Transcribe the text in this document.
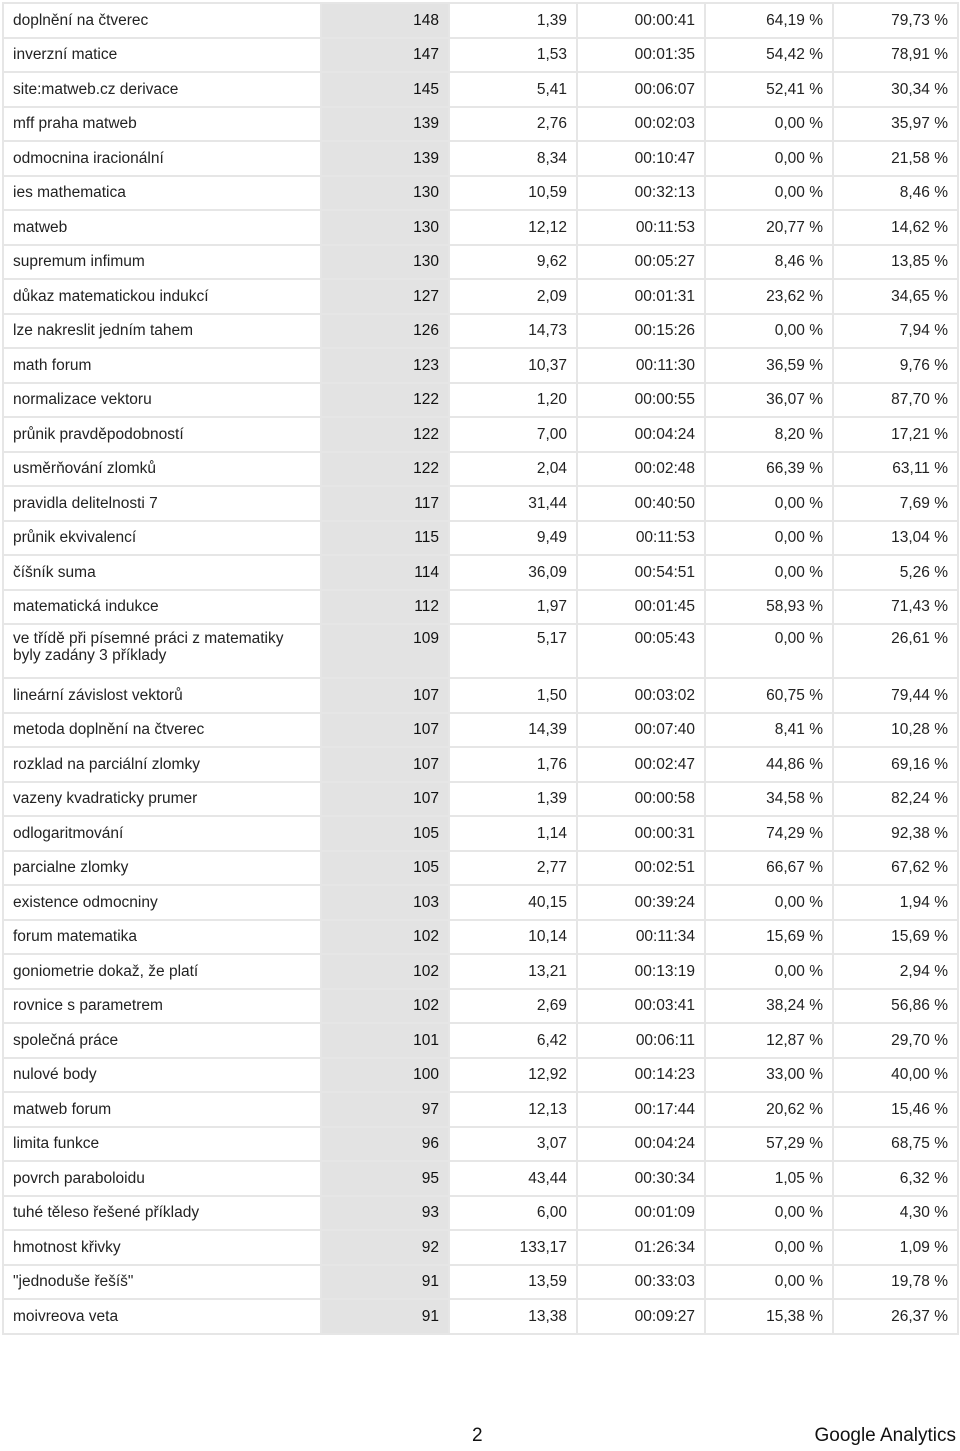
doplnění na čtverec	148	1,39	00:00:41	64,19 %	79,73 %
inverzní matice	147	1,53	00:01:35	54,42 %	78,91 %
site:matweb.cz derivace	145	5,41	00:06:07	52,41 %	30,34 %
mff praha matweb	139	2,76	00:02:03	0,00 %	35,97 %
odmocnina iracionální	139	8,34	00:10:47	0,00 %	21,58 %
ies mathematica	130	10,59	00:32:13	0,00 %	8,46 %
matweb	130	12,12	00:11:53	20,77 %	14,62 %
supremum infimum	130	9,62	00:05:27	8,46 %	13,85 %
důkaz matematickou indukcí	127	2,09	00:01:31	23,62 %	34,65 %
lze nakreslit jedním tahem	126	14,73	00:15:26	0,00 %	7,94 %
math forum	123	10,37	00:11:30	36,59 %	9,76 %
normalizace vektoru	122	1,20	00:00:55	36,07 %	87,70 %
průnik pravděpodobností	122	7,00	00:04:24	8,20 %	17,21 %
usměrňování zlomků	122	2,04	00:02:48	66,39 %	63,11 %
pravidla delitelnosti 7	117	31,44	00:40:50	0,00 %	7,69 %
průnik ekvivalencí	115	9,49	00:11:53	0,00 %	13,04 %
číšník suma	114	36,09	00:54:51	0,00 %	5,26 %
matematická indukce	112	1,97	00:01:45	58,93 %	71,43 %
ve třídě při písemné práci z matematiky byly zadány 3 příklady	109	5,17	00:05:43	0,00 %	26,61 %
lineární závislost vektorů	107	1,50	00:03:02	60,75 %	79,44 %
metoda doplnění na čtverec	107	14,39	00:07:40	8,41 %	10,28 %
rozklad na parciální zlomky	107	1,76	00:02:47	44,86 %	69,16 %
vazeny kvadraticky prumer	107	1,39	00:00:58	34,58 %	82,24 %
odlogaritmování	105	1,14	00:00:31	74,29 %	92,38 %
parcialne zlomky	105	2,77	00:02:51	66,67 %	67,62 %
existence odmocniny	103	40,15	00:39:24	0,00 %	1,94 %
forum matematika	102	10,14	00:11:34	15,69 %	15,69 %
goniometrie dokaž, že platí	102	13,21	00:13:19	0,00 %	2,94 %
rovnice s parametrem	102	2,69	00:03:41	38,24 %	56,86 %
společná práce	101	6,42	00:06:11	12,87 %	29,70 %
nulové body	100	12,92	00:14:23	33,00 %	40,00 %
matweb forum	97	12,13	00:17:44	20,62 %	15,46 %
limita funkce	96	3,07	00:04:24	57,29 %	68,75 %
povrch paraboloidu	95	43,44	00:30:34	1,05 %	6,32 %
tuhé těleso řešené příklady	93	6,00	00:01:09	0,00 %	4,30 %
hmotnost křivky	92	133,17	01:26:34	0,00 %	1,09 %
"jednoduše řešíš"	91	13,59	00:33:03	0,00 %	19,78 %
moivreova veta	91	13,38	00:09:27	15,38 %	26,37 %
2	Google Analytics
